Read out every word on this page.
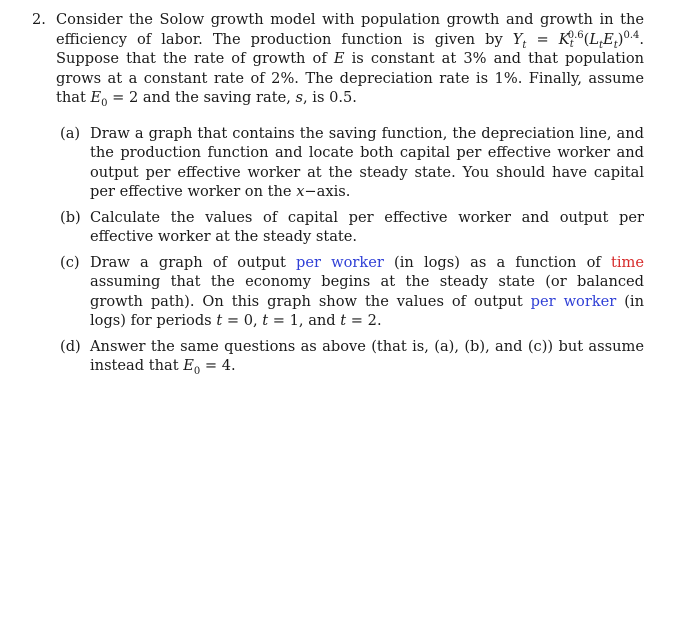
2. Consider the Solow growth model with population growth and growth in the efficiency of labor. The production function is given by $Y_t = K_t^{0.6}(L_tE_t)^{0.4}$. Suppose that the rate of growth of E is constant at 3% and that population grows at a constant rate of 2%. The depreciation rate is 1%. Finally, assume that $E_0 = 2$ and the saving rate, s, is 0.5.
(a) Draw a graph that contains the saving function, the depreciation line, and the production function and locate both capital per effective worker and output per effective worker at the steady state. You should have capital per effective worker on the x−axis.
(b) Calculate the values of capital per effective worker and output per effective worker at the steady state.
(c) Draw a graph of output per worker (in logs) as a function of time assuming that the economy begins at the steady state (or balanced growth path). On this graph show the values of output per worker (in logs) for periods t = 0, t = 1, and t = 2.
(d) Answer the same questions as above (that is, (a), (b), and (c)) but assume instead that $E_0 = 4$.
